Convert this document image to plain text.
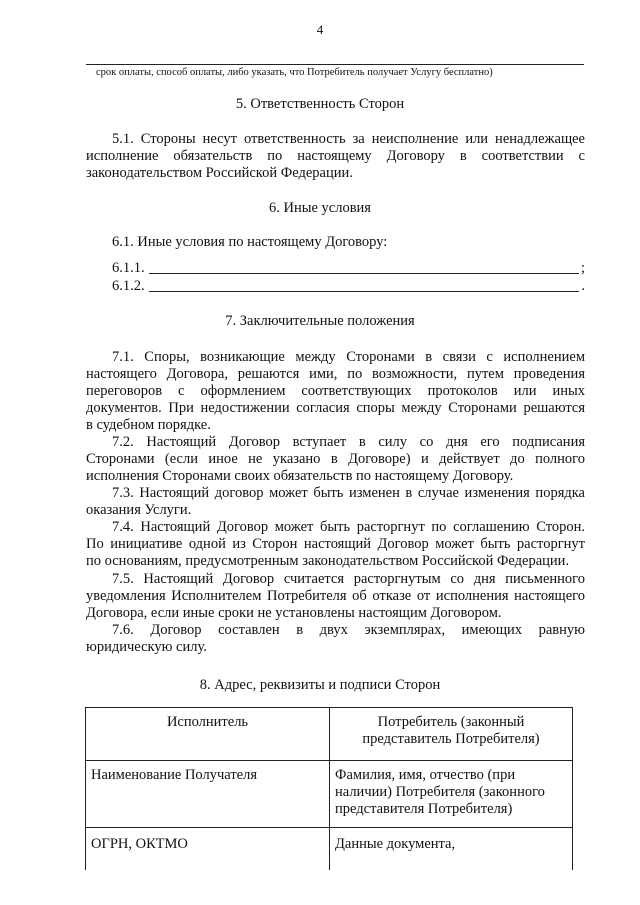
4
срок оплаты, способ оплаты, либо указать, что Потребитель получает Услугу бесплатно)
5. Ответственность Сторон
5.1. Стороны несут ответственность за неисполнение или ненадлежащее
исполнение обязательств по настоящему Договору в соответствии с
законодательством Российской Федерации.
6. Иные условия
6.1. Иные условия по настоящему Договору:
6.1.1.	;
6.1.2.	.
7. Заключительные положения
7.1. Споры, возникающие между Сторонами в связи с исполнением
настоящего Договора, решаются ими, по возможности, путем проведения
переговоров с оформлением соответствующих протоколов или иных
документов. При недостижении согласия споры между Сторонами решаются
в судебном порядке.
7.2. Настоящий Договор вступает в силу со дня его подписания
Сторонами (если иное не указано в Договоре) и действует до полного
исполнения Сторонами своих обязательств по настоящему Договору.
7.3. Настоящий договор может быть изменен в случае изменения порядка
оказания Услуги.
7.4. Настоящий Договор может быть расторгнут по соглашению Сторон.
По инициативе одной из Сторон настоящий Договор может быть расторгнут
по основаниям, предусмотренным законодательством Российской Федерации.
7.5. Настоящий Договор считается расторгнутым со дня письменного
уведомления Исполнителем Потребителя об отказе от исполнения настоящего
Договора, если иные сроки не установлены настоящим Договором.
7.6. Договор составлен в двух экземплярах, имеющих равную
юридическую силу.
8. Адрес, реквизиты и подписи Сторон
Исполнитель	Потребитель (законный
представитель Потребителя)
Наименование Получателя	Фамилия, имя, отчество (при
наличии) Потребителя (законного
представителя Потребителя)
ОГРН, ОКТМО	Данные документа,
